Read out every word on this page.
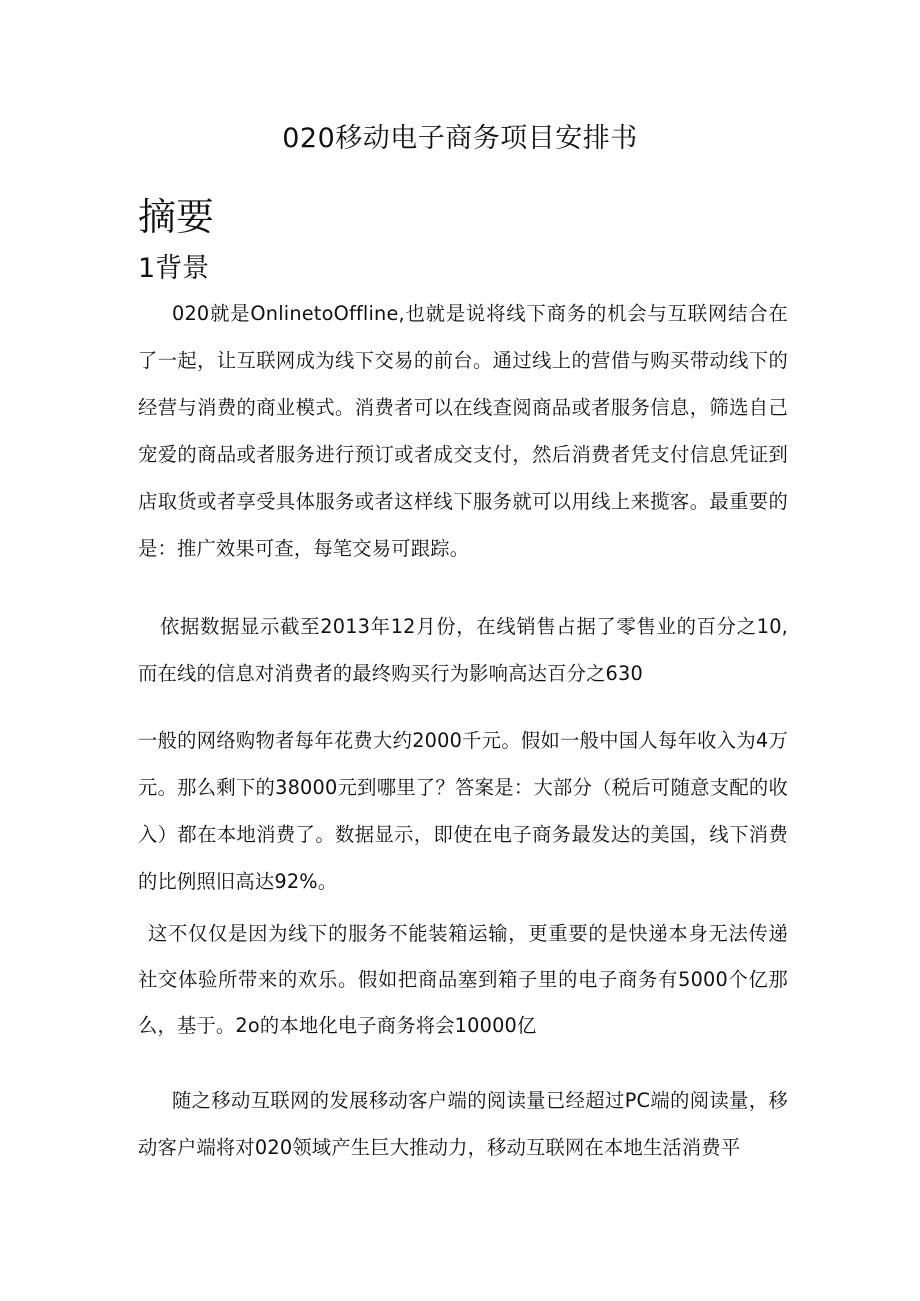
020移动电子商务项目安排书
摘要
1背景

020就是OnlinetoOffline,也就是说将线下商务的机会与互联网结合在了一起，让互联网成为线下交易的前台。通过线上的营借与购买带动线下的经营与消费的商业模式。消费者可以在线查阅商品或者服务信息，筛选自己宠爱的商品或者服务进行预订或者成交支付，然后消费者凭支付信息凭证到店取货或者享受具体服务或者这样线下服务就可以用线上来揽客。最重要的是：推广效果可查，每笔交易可跟踪。

依据数据显示截至2013年12月份，在线销售占据了零售业的百分之10,而在线的信息对消费者的最终购买行为影响高达百分之630

一般的网络购物者每年花费大约2000千元。假如一般中国人每年收入为4万元。那么剩下的38000元到哪里了？答案是：大部分（税后可随意支配的收入）都在本地消费了。数据显示，即使在电子商务最发达的美国，线下消费的比例照旧高达92%。

这不仅仅是因为线下的服务不能装箱运输，更重要的是快递本身无法传递社交体验所带来的欢乐。假如把商品塞到箱子里的电子商务有5000个亿那么，基于。2o的本地化电子商务将会10000亿

随之移动互联网的发展移动客户端的阅读量已经超过PC端的阅读量，移动客户端将对020领域产生巨大推动力，移动互联网在本地生活消费平
